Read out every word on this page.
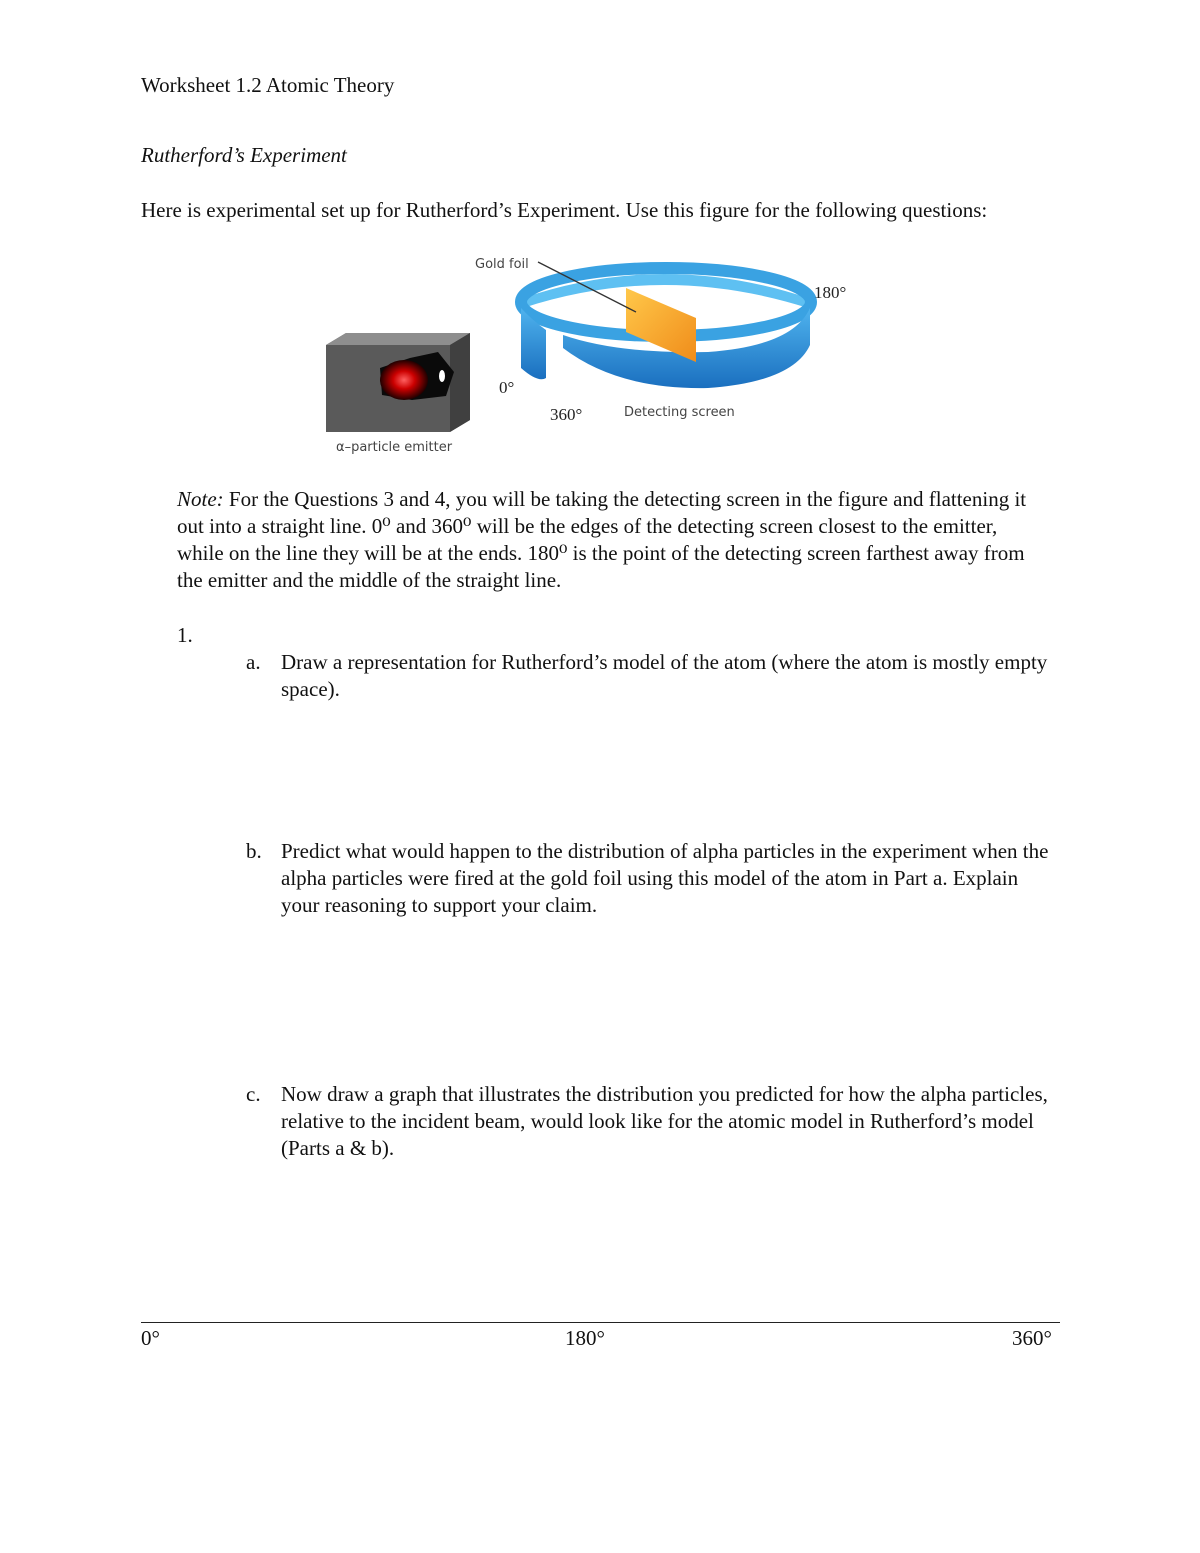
Worksheet 1.2 Atomic Theory
Rutherford’s Experiment
Here is experimental set up for Rutherford’s Experiment. Use this figure for the following questions:
Gold foil
α–particle emitter
180°
0°
360°	Detecting screen
Note: For the Questions 3 and 4, you will be taking the detecting screen in the figure and flattening it out into a straight line. 0⁰ and 360⁰ will be the edges of the detecting screen closest to the emitter, while on the line they will be at the ends. 180⁰ is the point of the detecting screen farthest away from the emitter and the middle of the straight line.
1.
a. Draw a representation for Rutherford’s model of the atom (where the atom is mostly empty space).
b. Predict what would happen to the distribution of alpha particles in the experiment when the alpha particles were fired at the gold foil using this model of the atom in Part a. Explain your reasoning to support your claim.
c. Now draw a graph that illustrates the distribution you predicted for how the alpha particles, relative to the incident beam, would look like for the atomic model in Rutherford’s model (Parts a & b).
0°	180°	360°
